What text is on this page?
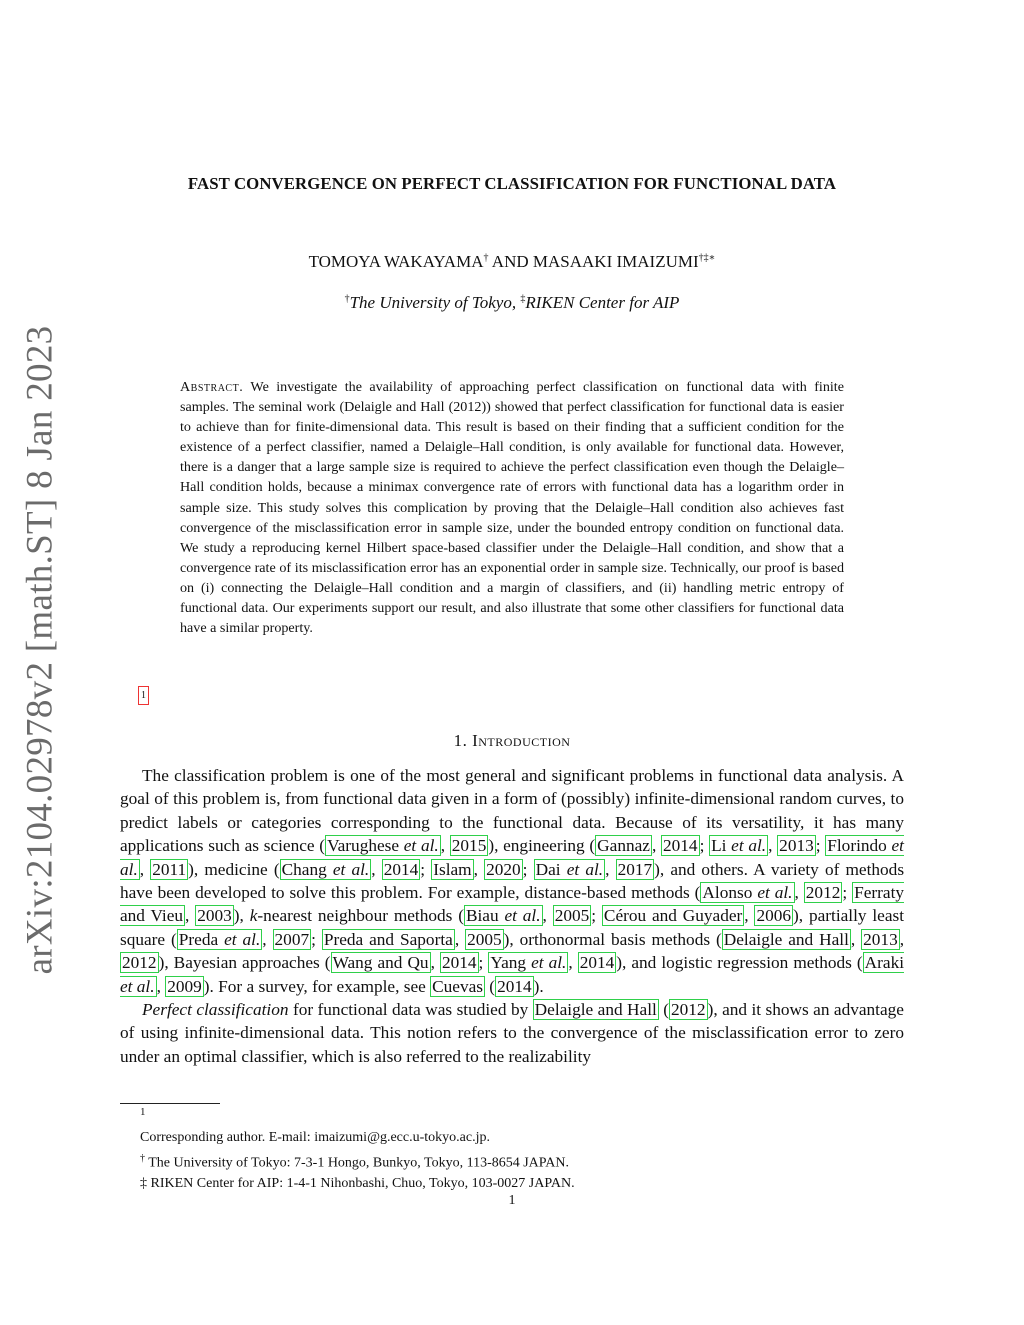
arXiv:2104.02978v2 [math.ST] 8 Jan 2023
FAST CONVERGENCE ON PERFECT CLASSIFICATION FOR FUNCTIONAL DATA
TOMOYA WAKAYAMA† AND MASAAKI IMAIZUMI†‡∗
†The University of Tokyo, ‡RIKEN Center for AIP
Abstract. We investigate the availability of approaching perfect classification on functional data with finite samples. The seminal work (Delaigle and Hall (2012)) showed that perfect classification for functional data is easier to achieve than for finite-dimensional data. This result is based on their finding that a sufficient condition for the existence of a perfect classifier, named a Delaigle–Hall condition, is only available for functional data. However, there is a danger that a large sample size is required to achieve the perfect classification even though the Delaigle–Hall condition holds, because a minimax convergence rate of errors with functional data has a logarithm order in sample size. This study solves this complication by proving that the Delaigle–Hall condition also achieves fast convergence of the misclassification error in sample size, under the bounded entropy condition on functional data. We study a reproducing kernel Hilbert space-based classifier under the Delaigle–Hall condition, and show that a convergence rate of its misclassification error has an exponential order in sample size. Technically, our proof is based on (i) connecting the Delaigle–Hall condition and a margin of classifiers, and (ii) handling metric entropy of functional data. Our experiments support our result, and also illustrate that some other classifiers for functional data have a similar property.
1
1. Introduction

The classification problem is one of the most general and significant problems in functional data analysis. A goal of this problem is, from functional data given in a form of (possibly) infinite-dimensional random curves, to predict labels or categories corresponding to the functional data. Because of its versatility, it has many applications such as science ( Varughese et al. , 2015 ), engineering ( Gannaz , 2014 ; Li et al. , 2013 ; Florindo et al. , 2011 ), medicine ( Chang et al. , 2014 ; Islam , 2020 ; Dai et al. , 2017 ), and others. A variety of methods have been developed to solve this problem. For example, distance-based methods ( Alonso et al. , 2012 ; Ferraty and Vieu , 2003 ), k-nearest neighbour methods ( Biau et al. , 2005 ; Cérou and Guyader , 2006 ), partially least square ( Preda et al. , 2007 ; Preda and Saporta , 2005 ), orthonormal basis methods ( Delaigle and Hall , 2013 , 2012 ), Bayesian approaches ( Wang and Qu , 2014 ; Yang et al. , 2014 ), and logistic regression methods ( Araki et al. , 2009 ). For a survey, for example, see Cuevas ( 2014 ).

Perfect classification for functional data was studied by Delaigle and Hall ( 2012 ), and it shows an advantage of using infinite-dimensional data. This notion refers to the convergence of the misclassification error to zero under an optimal classifier, which is also referred to the realizability

1
Corresponding author. E-mail: imaizumi@g.ecc.u-tokyo.ac.jp.
† The University of Tokyo: 7-3-1 Hongo, Bunkyo, Tokyo, 113-8654 JAPAN.
‡ RIKEN Center for AIP: 1-4-1 Nihonbashi, Chuo, Tokyo, 103-0027 JAPAN.
1
